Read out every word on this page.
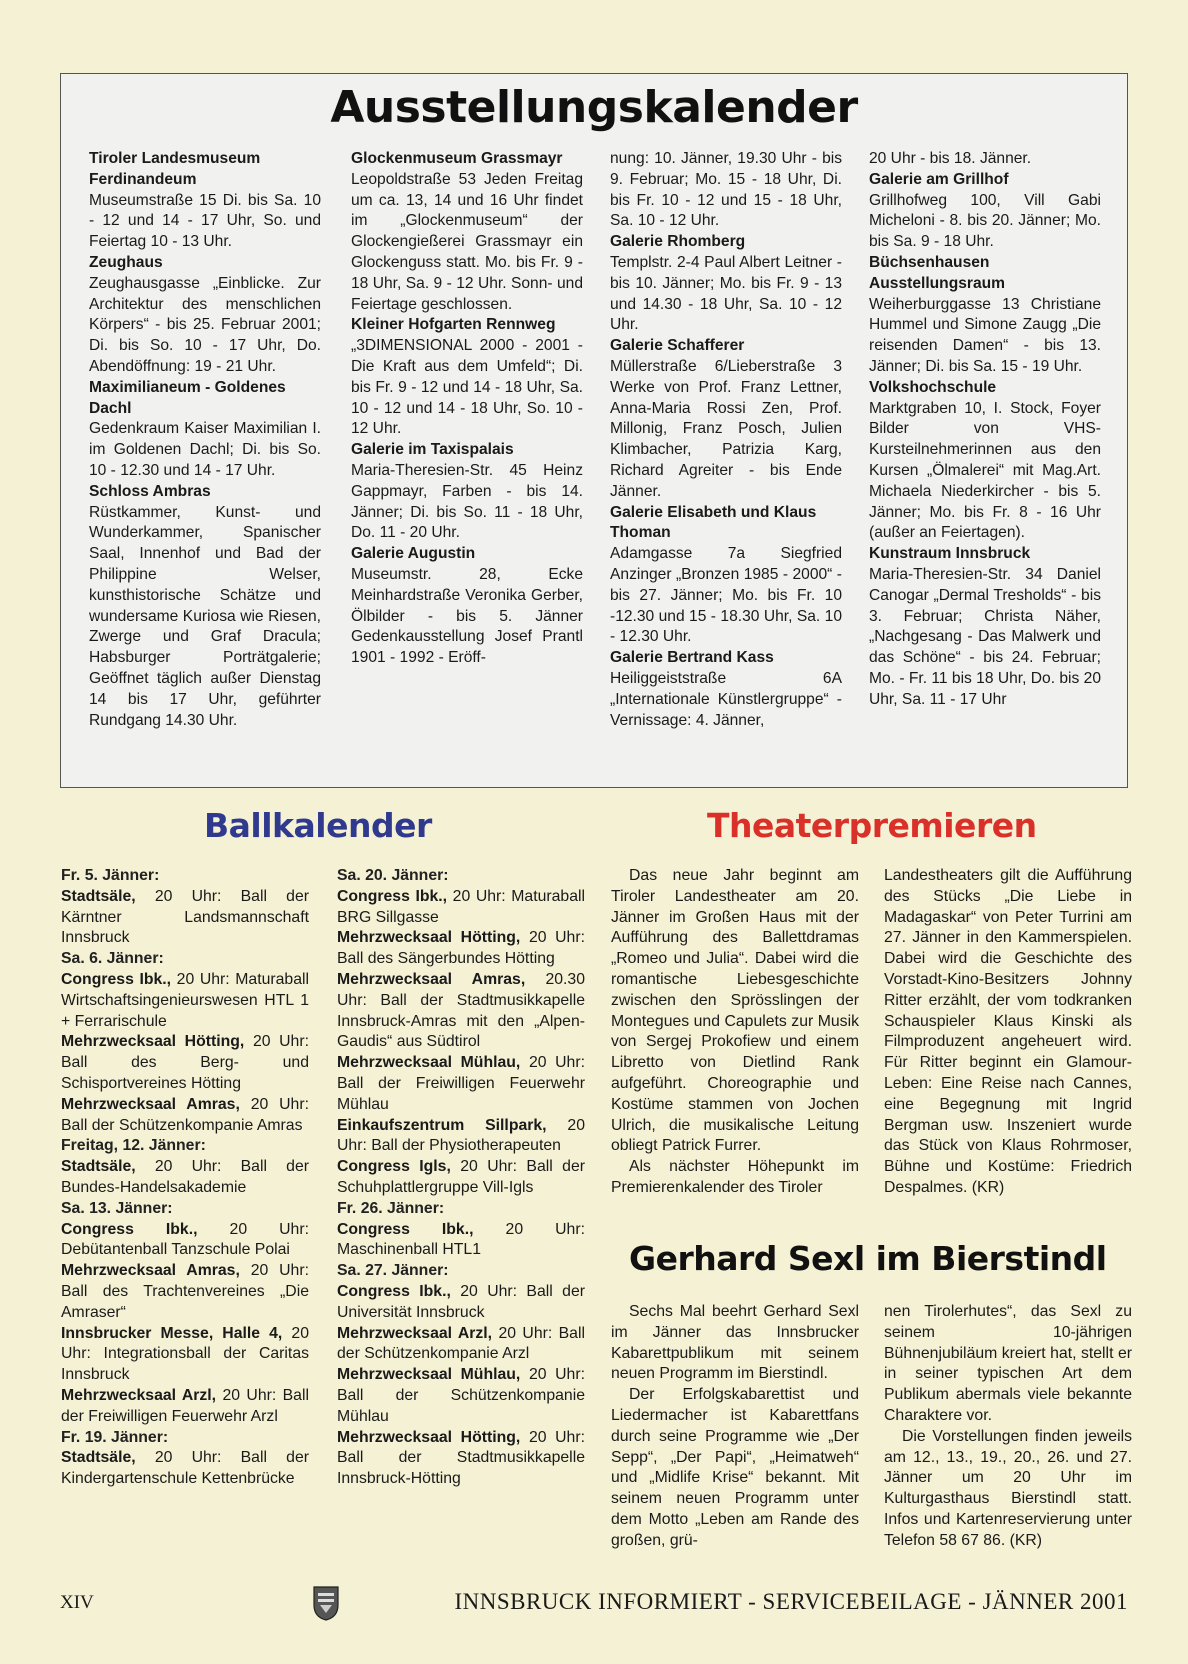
Ausstellungskalender
Tiroler Landesmuseum Ferdinandeum
Museumstraße 15 Di. bis Sa. 10 - 12 und 14 - 17 Uhr, So. und Feiertag 10 - 13 Uhr.
Zeughaus
Zeughausgasse „Einblicke. Zur Architektur des menschlichen Körpers“ - bis 25. Februar 2001; Di. bis So. 10 - 17 Uhr, Do. Abendöffnung: 19 - 21 Uhr.
Maximilianeum - Goldenes Dachl
Gedenkraum Kaiser Maximilian I. im Goldenen Dachl; Di. bis So. 10 - 12.30 und 14 - 17 Uhr.
Schloss Ambras
Rüstkammer, Kunst- und Wunderkammer, Spanischer Saal, Innenhof und Bad der Philippine Welser, kunsthistorische Schätze und wundersame Kuriosa wie Riesen, Zwerge und Graf Dracula; Habsburger Porträtgalerie; Geöffnet täglich außer Dienstag 14 bis 17 Uhr, geführter Rundgang 14.30 Uhr.
Glockenmuseum Grassmayr
Leopoldstraße 53 Jeden Freitag um ca. 13, 14 und 16 Uhr findet im „Glockenmuseum“ der Glockengießerei Grassmayr ein Glockenguss statt. Mo. bis Fr. 9 - 18 Uhr, Sa. 9 - 12 Uhr. Sonn- und Feiertage geschlossen.
Kleiner Hofgarten Rennweg
„3DIMENSIONAL 2000 - 2001 - Die Kraft aus dem Umfeld“; Di. bis Fr. 9 - 12 und 14 - 18 Uhr, Sa. 10 - 12 und 14 - 18 Uhr, So. 10 - 12 Uhr.
Galerie im Taxispalais
Maria-Theresien-Str. 45 Heinz Gappmayr, Farben - bis 14. Jänner; Di. bis So. 11 - 18 Uhr, Do. 11 - 20 Uhr.
Galerie Augustin
Museumstr. 28, Ecke Meinhardstraße Veronika Gerber, Ölbilder - bis 5. Jänner Gedenkausstellung Josef Prantl 1901 - 1992 - Eröff-
nung: 10. Jänner, 19.30 Uhr - bis 9. Februar; Mo. 15 - 18 Uhr, Di. bis Fr. 10 - 12 und 15 - 18 Uhr, Sa. 10 - 12 Uhr.
Galerie Rhomberg
Templstr. 2-4 Paul Albert Leitner - bis 10. Jänner; Mo. bis Fr. 9 - 13 und 14.30 - 18 Uhr, Sa. 10 - 12 Uhr.
Galerie Schafferer
Müllerstraße 6/Lieberstraße 3 Werke von Prof. Franz Lettner, Anna-Maria Rossi Zen, Prof. Millonig, Franz Posch, Julien Klimbacher, Patrizia Karg, Richard Agreiter - bis Ende Jänner.
Galerie Elisabeth und Klaus Thoman
Adamgasse 7a Siegfried Anzinger „Bronzen 1985 - 2000“ - bis 27. Jänner; Mo. bis Fr. 10 -12.30 und 15 - 18.30 Uhr, Sa. 10 - 12.30 Uhr.
Galerie Bertrand Kass
Heiliggeiststraße 6A „Internationale Künstlergruppe“ - Vernissage: 4. Jänner,
20 Uhr - bis 18. Jänner.
Galerie am Grillhof
Grillhofweg 100, Vill Gabi Micheloni - 8. bis 20. Jänner; Mo. bis Sa. 9 - 18 Uhr.
Büchsenhausen Ausstellungsraum
Weiherburggasse 13 Christiane Hummel und Simone Zaugg „Die reisenden Damen“ - bis 13. Jänner; Di. bis Sa. 15 - 19 Uhr.
Volkshochschule
Marktgraben 10, I. Stock, Foyer Bilder von VHS-Kursteilnehmerinnen aus den Kursen „Ölmalerei“ mit Mag.Art. Michaela Niederkircher - bis 5. Jänner; Mo. bis Fr. 8 - 16 Uhr (außer an Feiertagen).
Kunstraum Innsbruck
Maria-Theresien-Str. 34 Daniel Canogar „Dermal Tresholds“ - bis 3. Februar; Christa Näher, „Nachgesang - Das Malwerk und das Schöne“ - bis 24. Februar; Mo. - Fr. 11 bis 18 Uhr, Do. bis 20 Uhr, Sa. 11 - 17 Uhr
Ballkalender
Fr. 5. Jänner:
Stadtsäle, 20 Uhr: Ball der Kärntner Landsmannschaft Innsbruck
Sa. 6. Jänner:
Congress Ibk., 20 Uhr: Maturaball Wirtschaftsingenieurswesen HTL 1 + Ferrarischule
Mehrzwecksaal Hötting, 20 Uhr: Ball des Berg- und Schisportvereines Hötting
Mehrzwecksaal Amras, 20 Uhr: Ball der Schützenkompanie Amras
Freitag, 12. Jänner:
Stadtsäle, 20 Uhr: Ball der Bundes-Handelsakademie
Sa. 13. Jänner:
Congress Ibk., 20 Uhr: Debütantenball Tanzschule Polai
Mehrzwecksaal Amras, 20 Uhr: Ball des Trachtenvereines „Die Amraser“
Innsbrucker Messe, Halle 4, 20 Uhr: Integrationsball der Caritas Innsbruck
Mehrzwecksaal Arzl, 20 Uhr: Ball der Freiwilligen Feuerwehr Arzl
Fr. 19. Jänner:
Stadtsäle, 20 Uhr: Ball der Kindergartenschule Kettenbrücke
Sa. 20. Jänner:
Congress Ibk., 20 Uhr: Maturaball BRG Sillgasse
Mehrzwecksaal Hötting, 20 Uhr: Ball des Sängerbundes Hötting
Mehrzwecksaal Amras, 20.30 Uhr: Ball der Stadtmusikkapelle Innsbruck-Amras mit den „Alpen-Gaudis“ aus Südtirol
Mehrzwecksaal Mühlau, 20 Uhr: Ball der Freiwilligen Feuerwehr Mühlau
Einkaufszentrum Sillpark, 20 Uhr: Ball der Physiotherapeuten
Congress Igls, 20 Uhr: Ball der Schuhplattlergruppe Vill-Igls
Fr. 26. Jänner:
Congress Ibk., 20 Uhr: Maschinenball HTL1
Sa. 27. Jänner:
Congress Ibk., 20 Uhr: Ball der Universität Innsbruck
Mehrzwecksaal Arzl, 20 Uhr: Ball der Schützenkompanie Arzl
Mehrzwecksaal Mühlau, 20 Uhr: Ball der Schützenkompanie Mühlau
Mehrzwecksaal Hötting, 20 Uhr: Ball der Stadtmusikkapelle Innsbruck-Hötting
Theaterpremieren

Das neue Jahr beginnt am Tiroler Landestheater am 20. Jänner im Großen Haus mit der Aufführung des Ballettdramas „Romeo und Julia“. Dabei wird die romantische Liebesgeschichte zwischen den Sprösslingen der Montegues und Capulets zur Musik von Sergej Prokofiew und einem Libretto von Dietlind Rank aufgeführt. Choreographie und Kostüme stammen von Jochen Ulrich, die musikalische Leitung obliegt Patrick Furrer.

Als nächster Höhepunkt im Premierenkalender des Tiroler

Landestheaters gilt die Aufführung des Stücks „Die Liebe in Madagaskar“ von Peter Turrini am 27. Jänner in den Kammerspielen. Dabei wird die Geschichte des Vorstadt-Kino-Besitzers Johnny Ritter erzählt, der vom todkranken Schauspieler Klaus Kinski als Filmproduzent angeheuert wird. Für Ritter beginnt ein Glamour-Leben: Eine Reise nach Cannes, eine Begegnung mit Ingrid Bergman usw. Inszeniert wurde das Stück von Klaus Rohrmoser, Bühne und Kostüme: Friedrich Despalmes. (KR)

Gerhard Sexl im Bierstindl

Sechs Mal beehrt Gerhard Sexl im Jänner das Innsbrucker Kabarettpublikum mit seinem neuen Programm im Bierstindl.

Der Erfolgskabarettist und Liedermacher ist Kabarettfans durch seine Programme wie „Der Sepp“, „Der Papi“, „Heimatweh“ und „Midlife Krise“ bekannt. Mit seinem neuen Programm unter dem Motto „Leben am Rande des großen, grü-

nen Tirolerhutes“, das Sexl zu seinem 10-jährigen Bühnenjubiläum kreiert hat, stellt er in seiner typischen Art dem Publikum abermals viele bekannte Charaktere vor.

Die Vorstellungen finden jeweils am 12., 13., 19., 20., 26. und 27. Jänner um 20 Uhr im Kulturgasthaus Bierstindl statt. Infos und Kartenreservierung unter Telefon 58 67 86. (KR)

XIV	INNSBRUCK INFORMIERT - SERVICEBEILAGE - JÄNNER 2001
